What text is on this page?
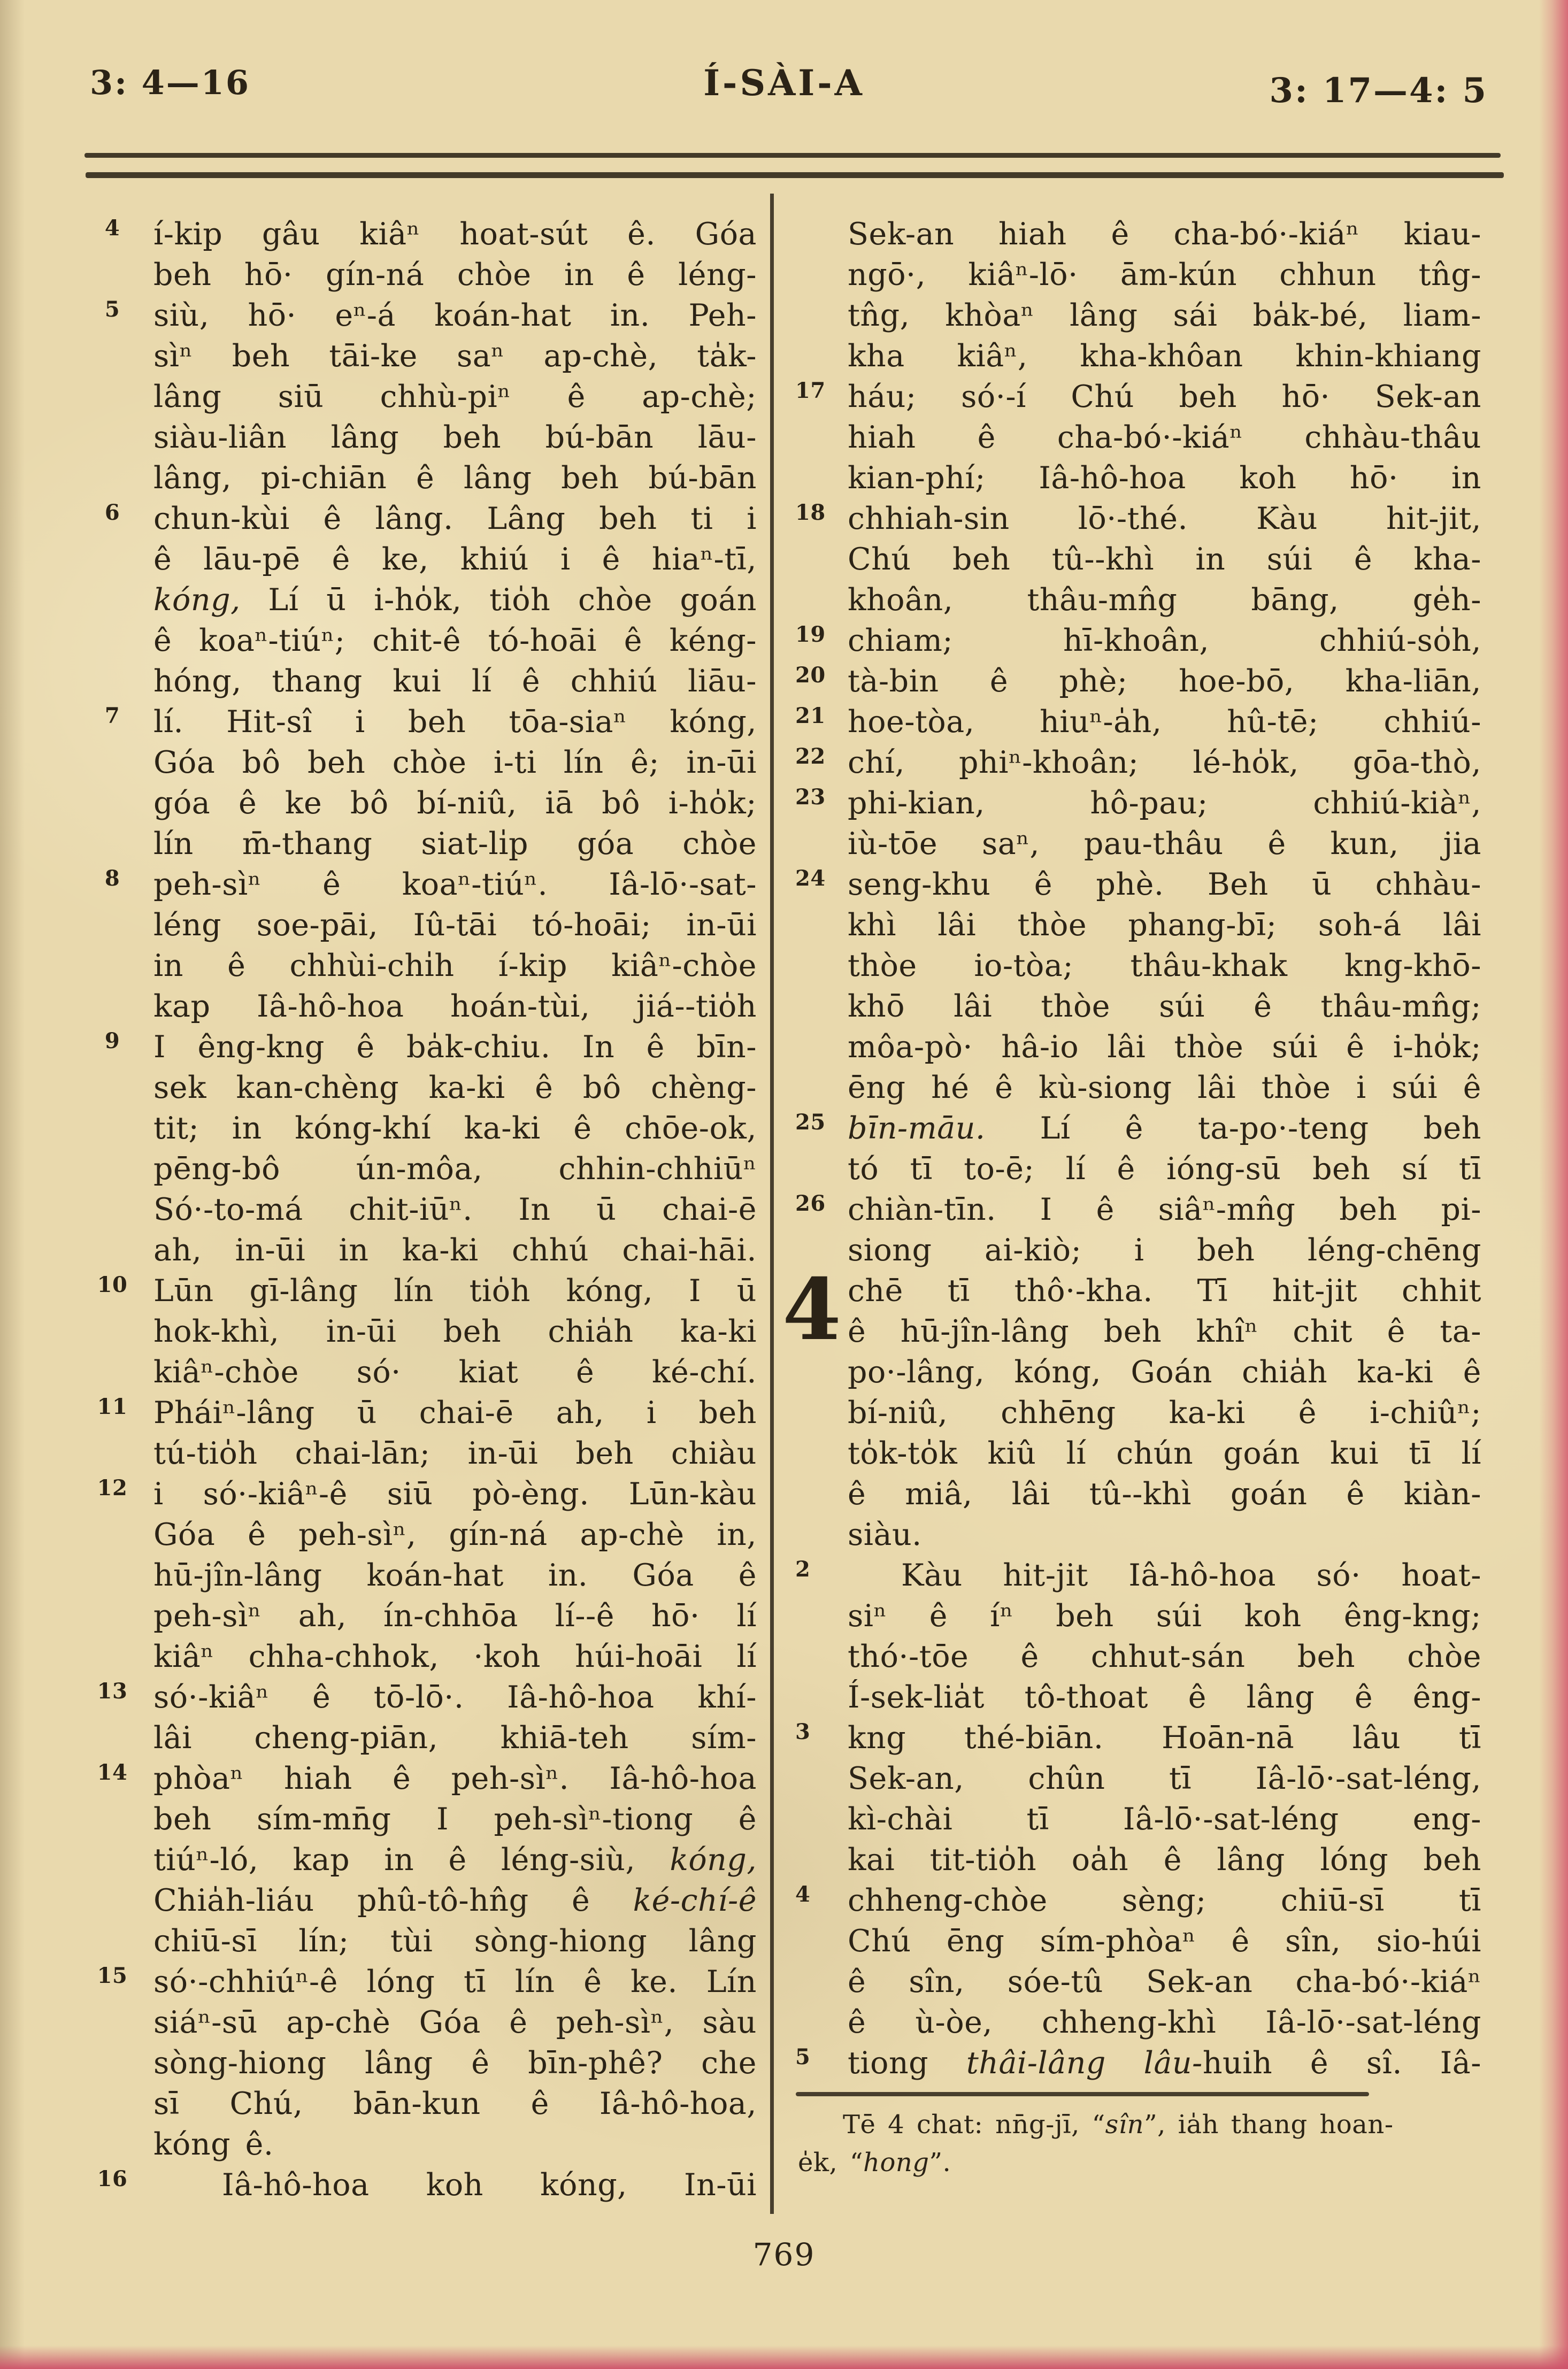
3: 4—16	Í-SÀI-A	3: 17—4: 5
4	í-kip gâu kiâⁿ hoat-sút ê. Góa
beh hō· gín-ná chòe in ê léng-
5	siù, hō· eⁿ-á koán-hat in. Peh-
sìⁿ beh tāi-ke saⁿ ap-chè, ta̍k-
lâng siū chhù-piⁿ ê ap-chè;
siàu-liân lâng beh bú-bān lāu-
lâng, pi-chiān ê lâng beh bú-bān
6	chun-kùi ê lâng. Lâng beh ti i
ê lāu-pē ê ke, khiú i ê hiaⁿ-tī,
kóng, Lí ū i-ho̍k, tio̍h chòe goán
ê koaⁿ-tiúⁿ; chit-ê tó-hoāi ê kéng-
hóng, thang kui lí ê chhiú liāu-
7	lí. Hit-sî i beh tōa-siaⁿ kóng,
Góa bô beh chòe i-ti lín ê; in-ūi
góa ê ke bô bí-niû, iā bô i-ho̍k;
lín m̄-thang siat-li̍p góa chòe
8	peh-sìⁿ ê koaⁿ-tiúⁿ. Iâ-lō·-sat-
léng soe-pāi, Iû-tāi tó-hoāi; in-ūi
in ê chhùi-chi̍h í-kip kiâⁿ-chòe
kap Iâ-hô-hoa hoán-tùi, jiá--tio̍h
9	I êng-kng ê ba̍k-chiu. In ê bīn-
sek kan-chèng ka-ki ê bô chèng-
tit; in kóng-khí ka-ki ê chōe-ok,
pēng-bô ún-môa, chhin-chhiūⁿ
Só·-to-má chit-iūⁿ. In ū chai-ē
ah, in-ūi in ka-ki chhú chai-hāi.
10 Lūn gī-lâng lín tio̍h kóng, I ū
hok-khì, in-ūi beh chia̍h ka-ki
kiâⁿ-chòe só· kiat ê ké-chí.
11 Pháiⁿ-lâng ū chai-ē ah, i beh
tú-tio̍h chai-lān; in-ūi beh chiàu
12 i só·-kiâⁿ-ê siū pò-èng. Lūn-kàu
Góa ê peh-sìⁿ, gín-ná ap-chè in,
hū-jîn-lâng koán-hat in. Góa ê
peh-sìⁿ ah, ín-chhōa lí--ê hō· lí
kiâⁿ chha-chhok, ·koh húi-hoāi lí
13 só·-kiâⁿ ê tō-lō·. Iâ-hô-hoa khí-
lâi cheng-piān, khiā-teh sím-
14 phòaⁿ hiah ê peh-sìⁿ. Iâ-hô-hoa
beh sím-mn̄g I peh-sìⁿ-tiong ê
tiúⁿ-ló, kap in ê léng-siù, kóng,
Chia̍h-liáu phû-tô-hn̂g ê ké-chí-ê
chiū-sī lín; tùi sòng-hiong lâng
15 só·-chhiúⁿ-ê lóng tī lín ê ke. Lín
siáⁿ-sū ap-chè Góa ê peh-sìⁿ, sàu
sòng-hiong lâng ê bīn-phê? che
sī Chú, bān-kun ê Iâ-hô-hoa,
kóng ê.
16	Iâ-hô-hoa koh kóng, In-ūi
Sek-an hiah ê cha-bó·-kiáⁿ kiau-
ngō·, kiâⁿ-lō· ām-kún chhun tn̂g-
tn̂g, khòaⁿ lâng sái ba̍k-bé, liam-
kha kiâⁿ, kha-khôan khin-khiang
17 háu; só·-í Chú beh hō· Sek-an
hiah ê cha-bó·-kiáⁿ chhàu-thâu
kian-phí; Iâ-hô-hoa koh hō· in
18 chhiah-sin lō·-thé. Kàu hit-jit,
Chú beh tû--khì in súi ê kha-
khoân, thâu-mn̂g bāng, ge̍h-
19 chiam; hī-khoân, chhiú-so̍h,
20 tà-bin ê phè; hoe-bō, kha-liān,
21 hoe-tòa, hiuⁿ-a̍h, hû-tē; chhiú-
22 chí, phiⁿ-khoân; lé-ho̍k, gōa-thò,
23 phi-kian, hô-pau; chhiú-kiàⁿ,
iù-tōe saⁿ, pau-thâu ê kun, jia
24 seng-khu ê phè. Beh ū chhàu-
khì lâi thòe phang-bī; soh-á lâi
thòe io-tòa; thâu-khak kng-khō-
khō lâi thòe súi ê thâu-mn̂g;
môa-pò· hâ-io lâi thòe súi ê i-ho̍k;
ēng hé ê kù-siong lâi thòe i súi ê
25 bīn-māu. Lí ê ta-po·-teng beh
tó tī to-ē; lí ê ióng-sū beh sí tī
26 chiàn-tīn. I ê siâⁿ-mn̂g beh pi-
siong ai-kiò; i beh léng-chēng
4 chē tī thô·-kha. Tī hit-jit chhit
ê hū-jîn-lâng beh khîⁿ chit ê ta-
po·-lâng, kóng, Goán chia̍h ka-ki ê
bí-niû, chhēng ka-ki ê i-chiûⁿ;
to̍k-to̍k kiû lí chún goán kui tī lí
ê miâ, lâi tû--khì goán ê kiàn-
siàu.
2	Kàu hit-jit Iâ-hô-hoa só· hoat-
siⁿ ê íⁿ beh súi koh êng-kng;
thó·-tōe ê chhut-sán beh chòe
Í-sek-lia̍t tô-thoat ê lâng ê êng-
3	kng thé-biān. Hoān-nā lâu tī
Sek-an, chûn tī Iâ-lō·-sat-léng,
kì-chài tī Iâ-lō·-sat-léng eng-
kai tit-tio̍h oa̍h ê lâng lóng beh
4	chheng-chòe sèng; chiū-sī tī
Chú ēng sím-phòaⁿ ê sîn, sio-húi
ê sîn, sóe-tû Sek-an cha-bó·-kiáⁿ
ê ù-òe, chheng-khì Iâ-lō·-sat-léng
5	tiong thâi-lâng lâu-huih ê sî. Iâ-
Tē 4 chat: nn̄g-jī, “sîn”, ia̍h thang hoan-
e̍k, “hong”.
769
